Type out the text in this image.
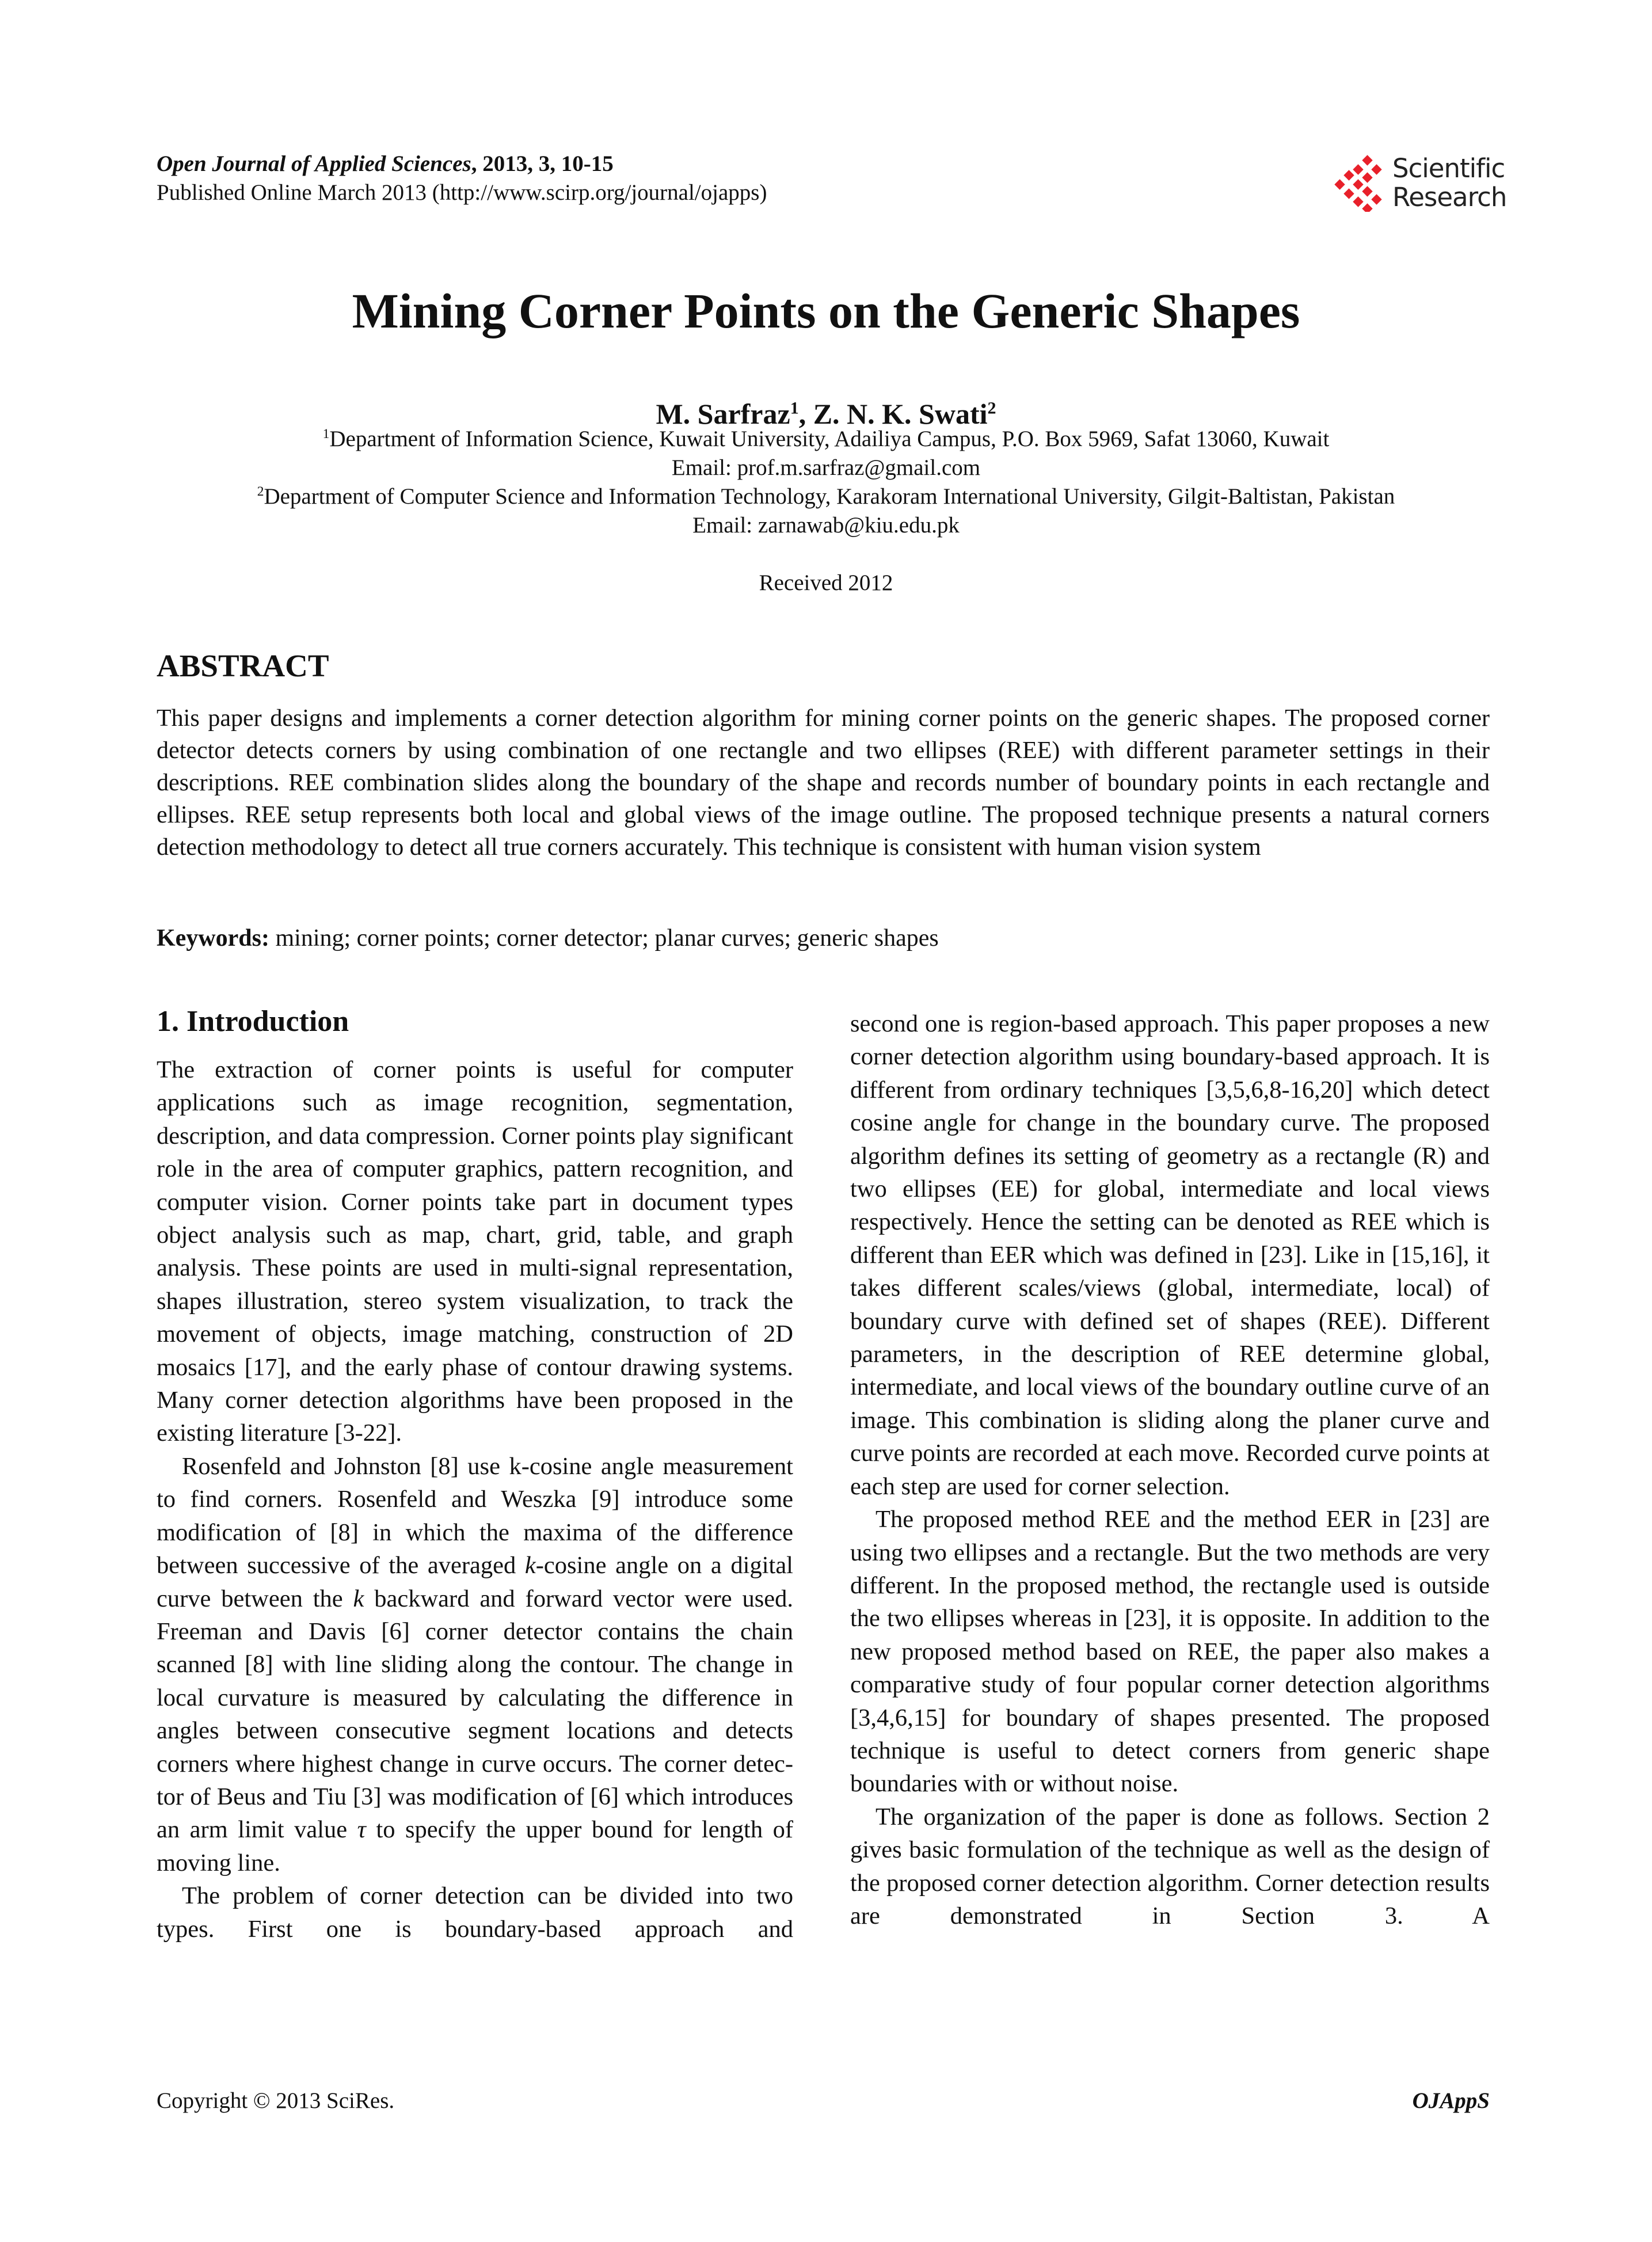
Open Journal of Applied Sciences, 2013, 3, 10-15
Published Online March 2013 (http://www.scirp.org/journal/ojapps)
Scientific
Research
Mining Corner Points on the Generic Shapes
M. Sarfraz$^1$, Z. N. K. Swati$^2$
$^1$Department of Information Science, Kuwait University, Adailiya Campus, P.O. Box 5969, Safat 13060, Kuwait
Email: prof.m.sarfraz@gmail.com
$^2$Department of Computer Science and Information Technology, Karakoram International University, Gilgit-Baltistan, Pakistan
Email: zarnawab@kiu.edu.pk
Received 2012
ABSTRACT
This paper designs and implements a corner detection algorithm for mining corner points on the generic shapes. The proposed corner detector detects corners by using combination of one rectangle and two ellipses (REE) with different parameter settings in their descriptions. REE combination slides along the boundary of the shape and records number of boundary points in each rectangle and ellipses. REE setup represents both local and global views of the image outline. The proposed technique presents a natural corners detection methodology to detect all true corners accurately. This technique is consistent with human vision system
Keywords: mining; corner points; corner detector; planar curves; generic shapes
1. Introduction

The extraction of corner points is useful for computer applications such as image recognition, segmentation, description, and data compression. Corner points play significant role in the area of computer graphics, pattern recognition, and computer vision. Corner points take part in document types object analysis such as map, chart, grid, table, and graph analysis. These points are used in multi-signal representation, shapes illustration, stereo system visualization, to track the movement of objects, image matching, construction of 2D mosaics [17], and the early phase of contour drawing systems. Many corner detection algorithms have been proposed in the existing literature [3-22].

Rosenfeld and Johnston [8] use k-cosine angle measurement to find corners. Rosenfeld and Weszka [9] introduce some modification of [8] in which the maxima of the difference between successive of the averaged k-cosine angle on a digital curve between the k backward and forward vector were used. Freeman and Davis [6] corner detector contains the chain scanned [8] with line sliding along the contour. The change in local curvature is measured by calculating the difference in angles between consecutive segment locations and detects corners where highest change in curve occurs. The corner detector of Beus and Tiu [3] was modification of [6] which introduces an arm limit value τ to specify the upper bound for length of moving line.

The problem of corner detection can be divided into two types. First one is boundary-based approach and

second one is region-based approach. This paper proposes a new corner detection algorithm using boundary-based approach. It is different from ordinary techniques [3,5,6,8-16,20] which detect cosine angle for change in the boundary curve. The proposed algorithm defines its setting of geometry as a rectangle (R) and two ellipses (EE) for global, intermediate and local views respectively. Hence the setting can be denoted as REE which is different than EER which was defined in [23]. Like in [15,16], it takes different scales/views (global, intermediate, local) of boundary curve with defined set of shapes (REE). Different parameters, in the description of REE determine global, intermediate, and local views of the boundary outline curve of an image. This combination is sliding along the planer curve and curve points are recorded at each move. Recorded curve points at each step are used for corner selection.

The proposed method REE and the method EER in [23] are using two ellipses and a rectangle. But the two methods are very different. In the proposed method, the rectangle used is outside the two ellipses whereas in [23], it is opposite. In addition to the new proposed method based on REE, the paper also makes a comparative study of four popular corner detection algorithms [3,4,6,15] for boundary of shapes presented. The proposed technique is useful to detect corners from generic shape boundaries with or without noise.

The organization of the paper is done as follows. Section 2 gives basic formulation of the technique as well as the design of the proposed corner detection algorithm. Corner detection results are demonstrated in Section 3. A

Copyright © 2013 SciRes.	OJAppS
